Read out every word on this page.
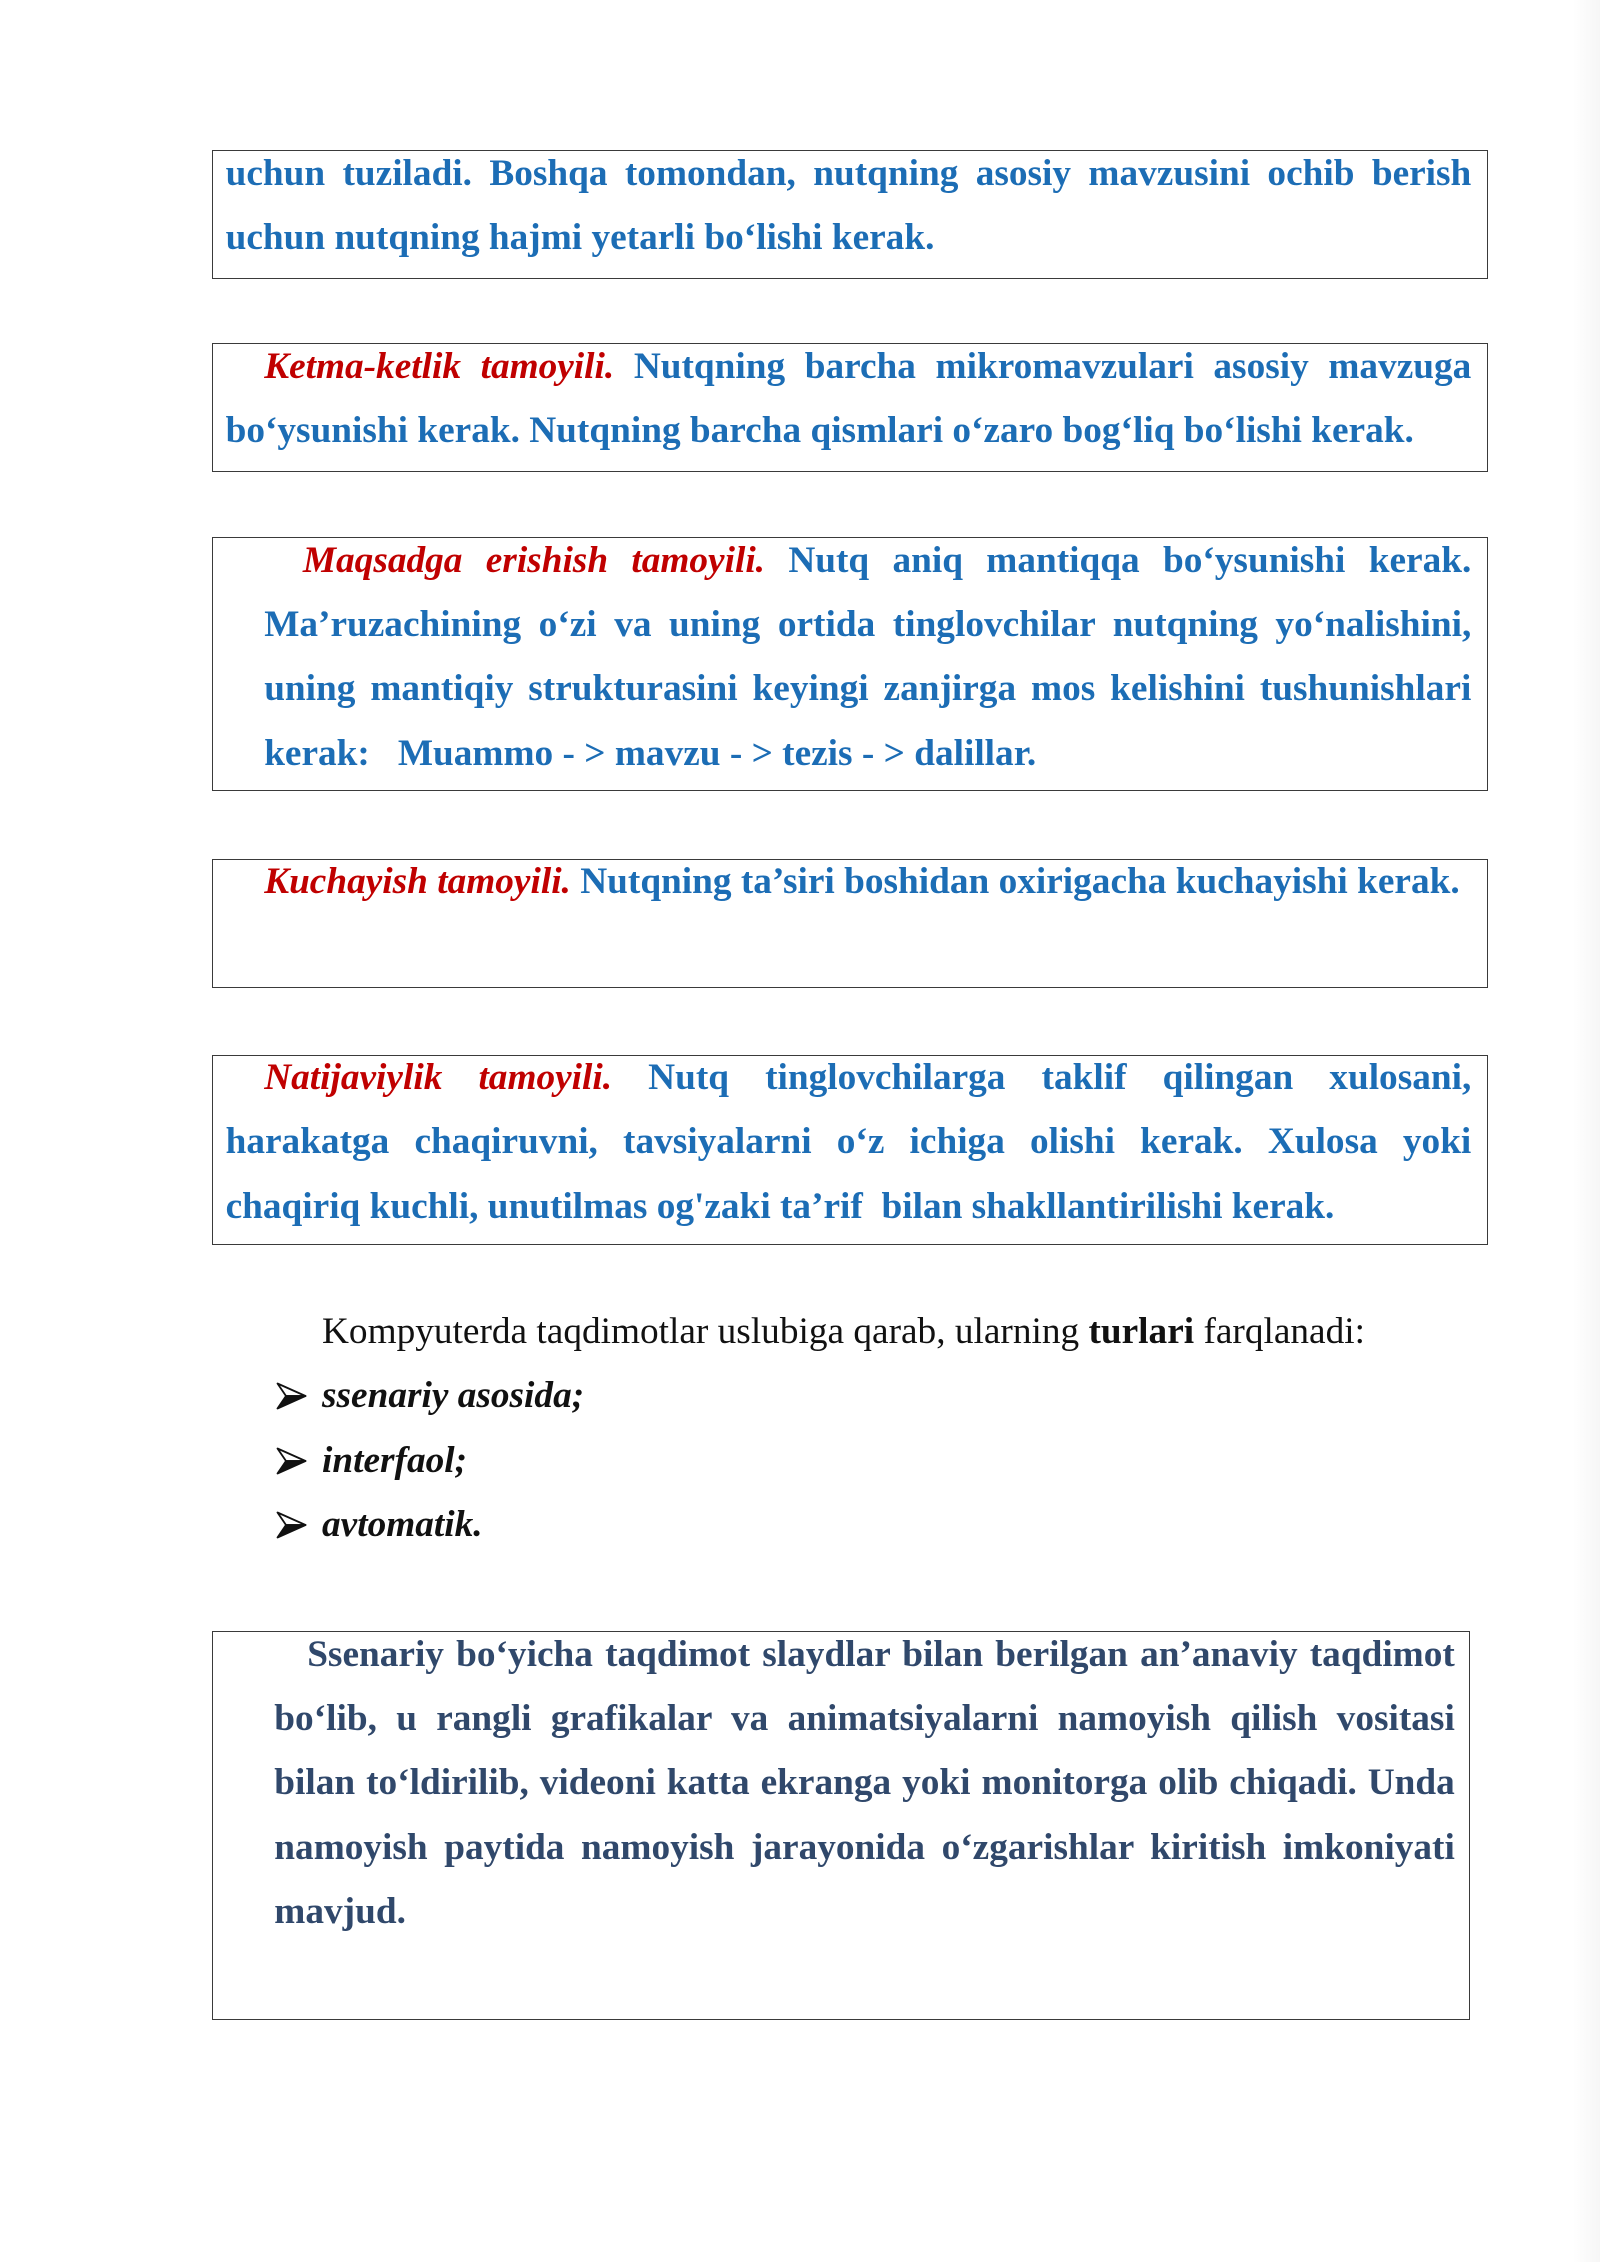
uchun tuziladi. Boshqa tomondan, nutqning asosiy mavzusini ochib berish
uchun nutqning hajmi yetarli bo‘lishi kerak.
Ketma-ketlik tamoyili. Nutqning barcha mikromavzulari asosiy mavzuga
bo‘ysunishi kerak. Nutqning barcha qismlari o‘zaro bog‘liq bo‘lishi kerak.
Maqsadga erishish tamoyili. Nutq aniq mantiqqa bo‘ysunishi kerak.
Ma’ruzachining o‘zi va uning ortida tinglovchilar nutqning yo‘nalishini,
uning mantiqiy strukturasini keyingi zanjirga mos kelishini tushunishlari
kerak:   Muammo - > mavzu - > tezis - > dalillar.
Kuchayish tamoyili. Nutqning ta’siri boshidan oxirigacha kuchayishi kerak.
Natijaviylik tamoyili. Nutq tinglovchilarga taklif qilingan xulosani,
harakatga chaqiruvni, tavsiyalarni o‘z ichiga olishi kerak. Xulosa yoki
chaqiriq kuchli, unutilmas og'zaki ta’rif  bilan shakllantirilishi kerak.
Kompyuterda taqdimotlar uslubiga qarab, ularning turlari farqlanadi:
ssenariy asosida;
interfaol;
avtomatik.
Ssenariy bo‘yicha taqdimot slaydlar bilan berilgan an’anaviy taqdimot
bo‘lib, u rangli grafikalar va animatsiyalarni namoyish qilish vositasi
bilan to‘ldirilib, videoni katta ekranga yoki monitorga olib chiqadi. Unda
namoyish paytida namoyish jarayonida o‘zgarishlar kiritish imkoniyati
mavjud.
